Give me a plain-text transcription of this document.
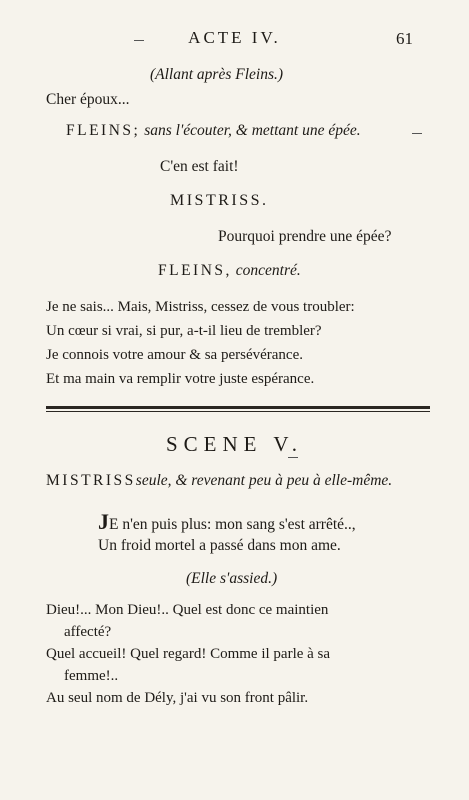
ACTE IV.	61
(Allant après Fleins.)
Cher époux...
FLEINS; sans l'écouter, & mettant une épée.
C'en est fait!
MISTRISS.
Pourquoi prendre une épée?
FLEINS, concentré.
Je ne sais... Mais, Mistriss, cessez de vous troubler:
Un cœur si vrai, si pur, a-t-il lieu de trembler?
Je connois votre amour & sa persévérance.
Et ma main va remplir votre juste espérance.
SCENE V.
MISTRISSseule, & revenant peu à peu à elle-même.
JE n'en puis plus: mon sang s'est arrêté..,
Un froid mortel a passé dans mon ame.
(Elle s'assied.)
Dieu!... Mon Dieu!.. Quel est donc ce maintien
affecté?
Quel accueil! Quel regard! Comme il parle à sa
femme!..
Au seul nom de Dély, j'ai vu son front pâlir.
